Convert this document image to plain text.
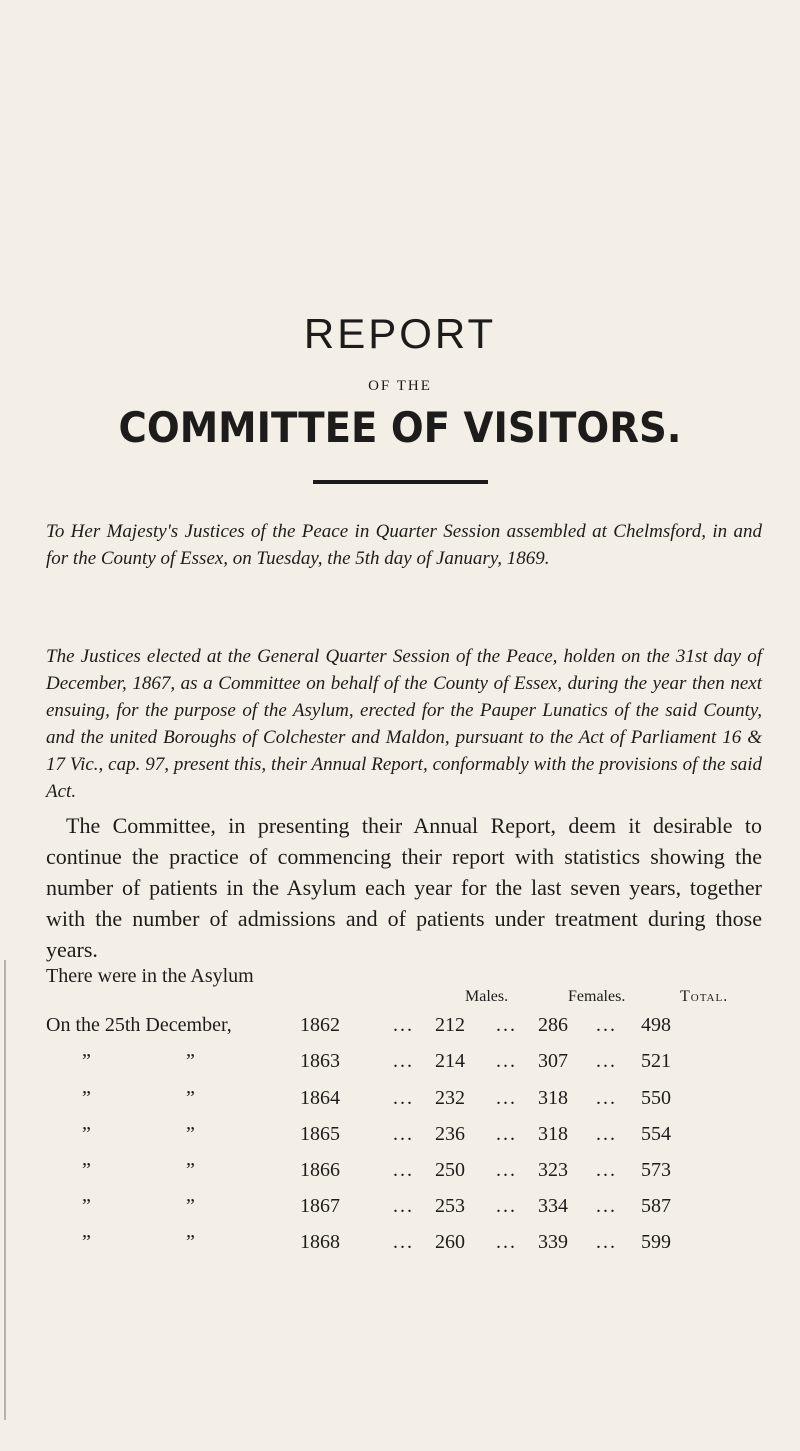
REPORT
OF THE
COMMITTEE OF VISITORS.
To Her Majesty's Justices of the Peace in Quarter Session assembled at Chelmsford, in and for the County of Essex, on Tuesday, the 5th day of January, 1869.
The Justices elected at the General Quarter Session of the Peace, holden on the 31st day of December, 1867, as a Committee on behalf of the County of Essex, during the year then next ensuing, for the purpose of the Asylum, erected for the Pauper Lunatics of the said County, and the united Boroughs of Colchester and Maldon, pursuant to the Act of Parliament 16 & 17 Vic., cap. 97, present this, their Annual Report, conformably with the provisions of the said Act.
The Committee, in presenting their Annual Report, deem it desirable to continue the practice of commencing their report with statistics showing the number of patients in the Asylum each year for the last seven years, together with the number of admissions and of patients under treatment during those years.
There were in the Asylum
Males.	Females.	Total.
On the 25th December,	1862	... 212 ... 286 ... 498
”	”	1863	... 214 ... 307 ... 521
”	”	1864	... 232 ... 318 ... 550
”	”	1865	... 236 ... 318 ... 554
”	”	1866	... 250 ... 323 ... 573
”	”	1867	... 253 ... 334 ... 587
”	”	1868	... 260 ... 339 ... 599
